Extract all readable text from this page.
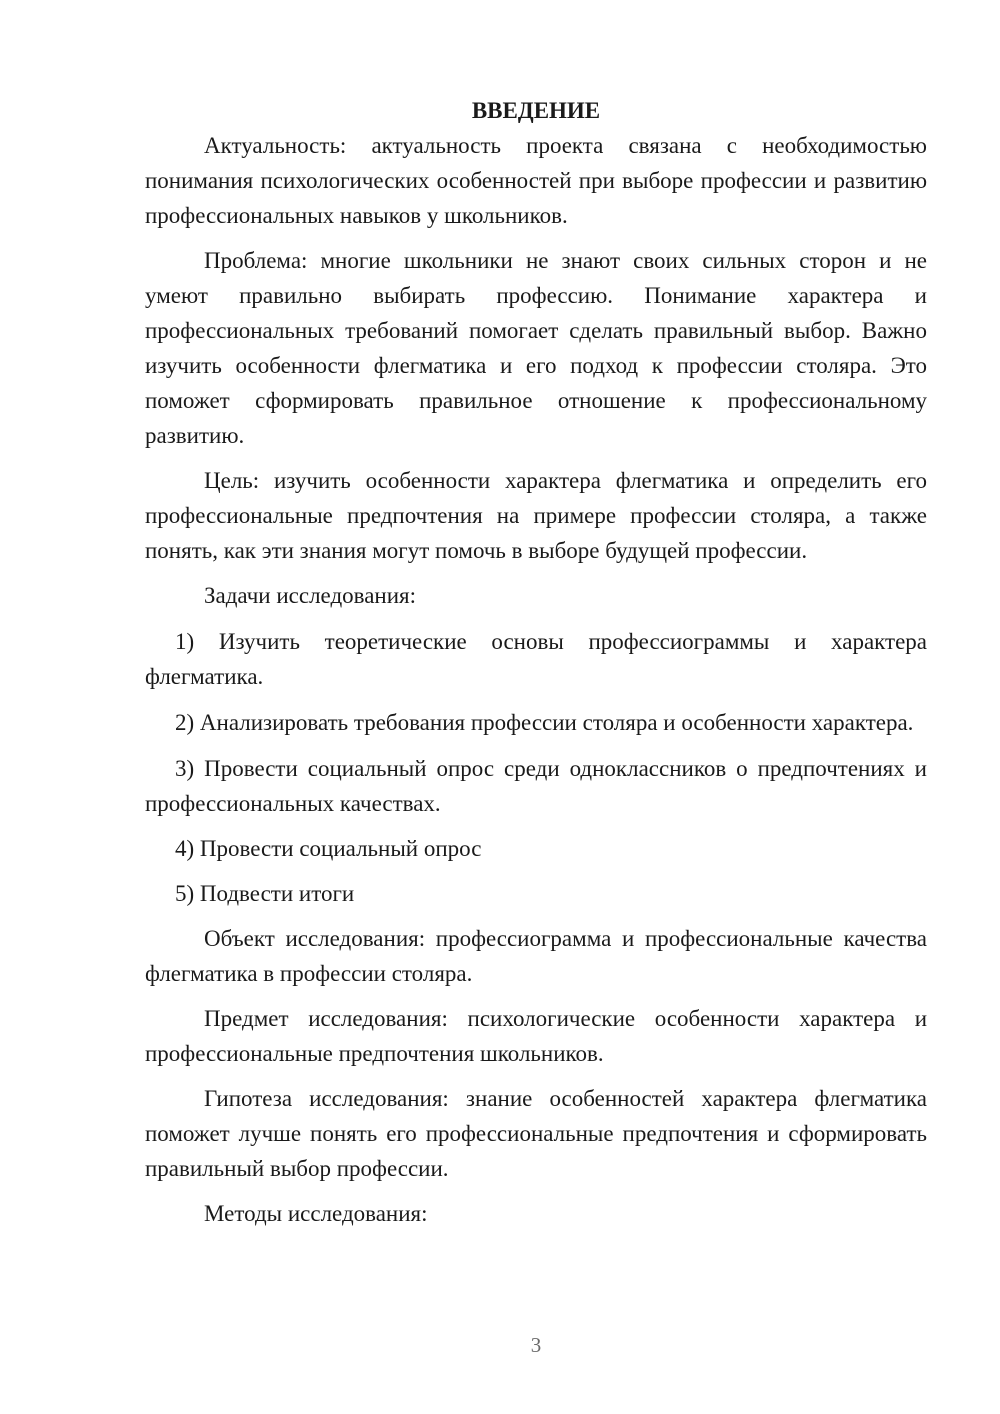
ВВЕДЕНИЕ

Актуальность: актуальность проекта связана с необходимостью понимания психологических особенностей при выборе профессии и развитию профессиональных навыков у школьников.

Проблема: многие школьники не знают своих сильных сторон и не умеют правильно выбирать профессию. Понимание характера и профессиональных требований помогает сделать правильный выбор. Важно изучить особенности флегматика и его подход к профессии столяра. Это поможет сформировать правильное отношение к профессиональному развитию.

Цель: изучить особенности характера флегматика и определить его профессиональные предпочтения на примере профессии столяра, а также понять, как эти знания могут помочь в выборе будущей профессии.

Задачи исследования:

1) Изучить теоретические основы профессиограммы и характера флегматика.

2) Анализировать требования профессии столяра и особенности характера.

3) Провести социальный опрос среди одноклассников о предпочтениях и профессиональных качествах.

4) Провести социальный опрос

5) Подвести итоги

Объект исследования: профессиограмма и профессиональные качества флегматика в профессии столяра.

Предмет исследования: психологические особенности характера и профессиональные предпочтения школьников.

Гипотеза исследования: знание особенностей характера флегматика поможет лучше понять его профессиональные предпочтения и сформировать правильный выбор профессии.

Методы исследования:

3
